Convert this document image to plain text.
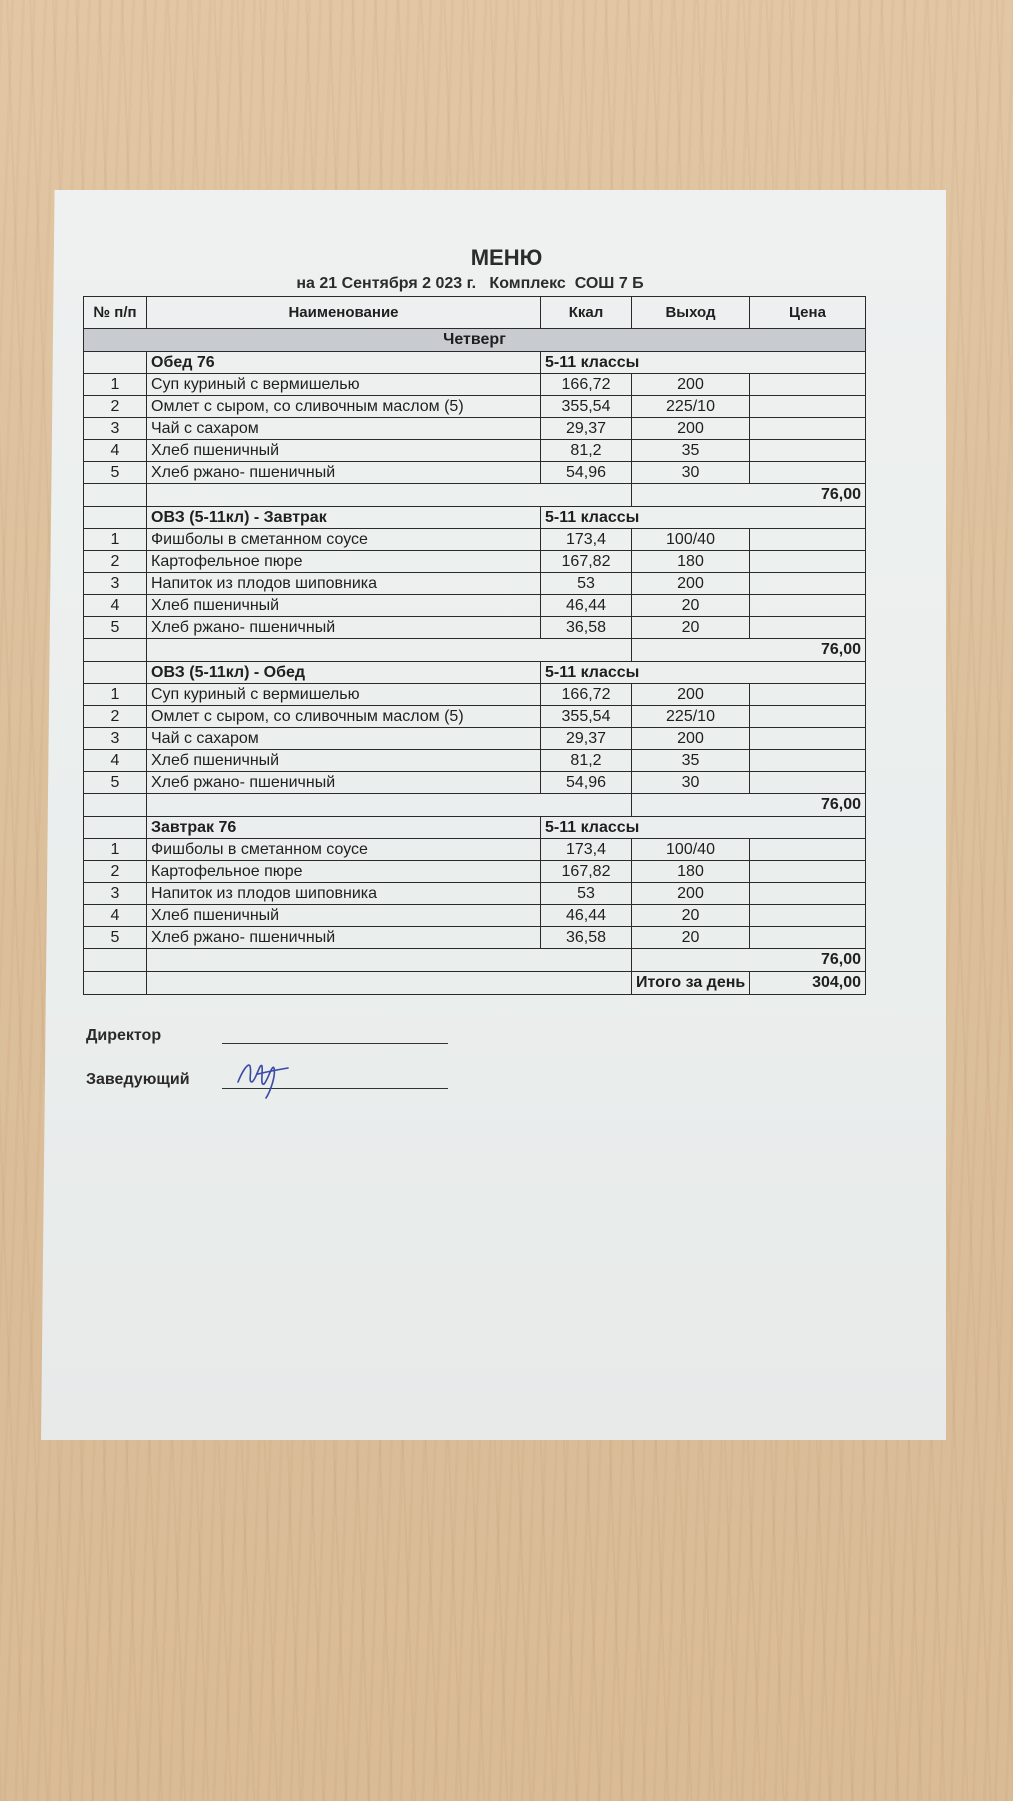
МЕНЮ
на 21 Сентября 2 023 г.   Комплекс  СОШ 7 Б
№ п/п	Наименование	Ккал	Выход	Цена
Четверг				
	Обед 76	5-11 классы		
1	Суп куриный с вермишелью	166,72	200	
2	Омлет с сыром, со сливочным маслом (5)	355,54	225/10	
3	Чай с сахаром	29,37	200	
4	Хлеб пшеничный	81,2	35	
5	Хлеб ржано- пшеничный	54,96	30	
			76,00	
	ОВЗ (5-11кл) - Завтрак	5-11 классы		
1	Фишболы в сметанном соусе	173,4	100/40	
2	Картофельное пюре	167,82	180	
3	Напиток из плодов шиповника	53	200	
4	Хлеб пшеничный	46,44	20	
5	Хлеб ржано- пшеничный	36,58	20	
			76,00	
	ОВЗ (5-11кл) - Обед	5-11 классы		
1	Суп куриный с вермишелью	166,72	200	
2	Омлет с сыром, со сливочным маслом (5)	355,54	225/10	
3	Чай с сахаром	29,37	200	
4	Хлеб пшеничный	81,2	35	
5	Хлеб ржано- пшеничный	54,96	30	
			76,00	
	Завтрак 76	5-11 классы		
1	Фишболы в сметанном соусе	173,4	100/40	
2	Картофельное пюре	167,82	180	
3	Напиток из плодов шиповника	53	200	
4	Хлеб пшеничный	46,44	20	
5	Хлеб ржано- пшеничный	36,58	20	
			76,00	
			Итого за день	304,00
Директор
Заведующий
